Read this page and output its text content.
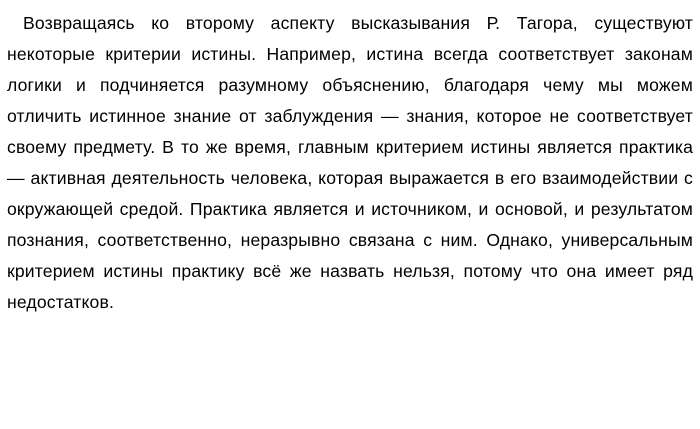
Возвращаясь ко второму аспекту высказывания Р. Тагора, существуют некоторые критерии истины. Например, истина всегда соответствует законам логики и подчиняется разумному объяснению, благодаря чему мы можем отличить истинное знание от заблуждения — знания, которое не соответствует своему предмету. В то же время, главным критерием истины является практика — активная деятельность человека, которая выражается в его взаимодействии с окружающей средой. Практика является и источником, и основой, и результатом познания, соответственно, неразрывно связана с ним. Однако, универсальным критерием истины практику всё же назвать нельзя, потому что она имеет ряд недостатков.
